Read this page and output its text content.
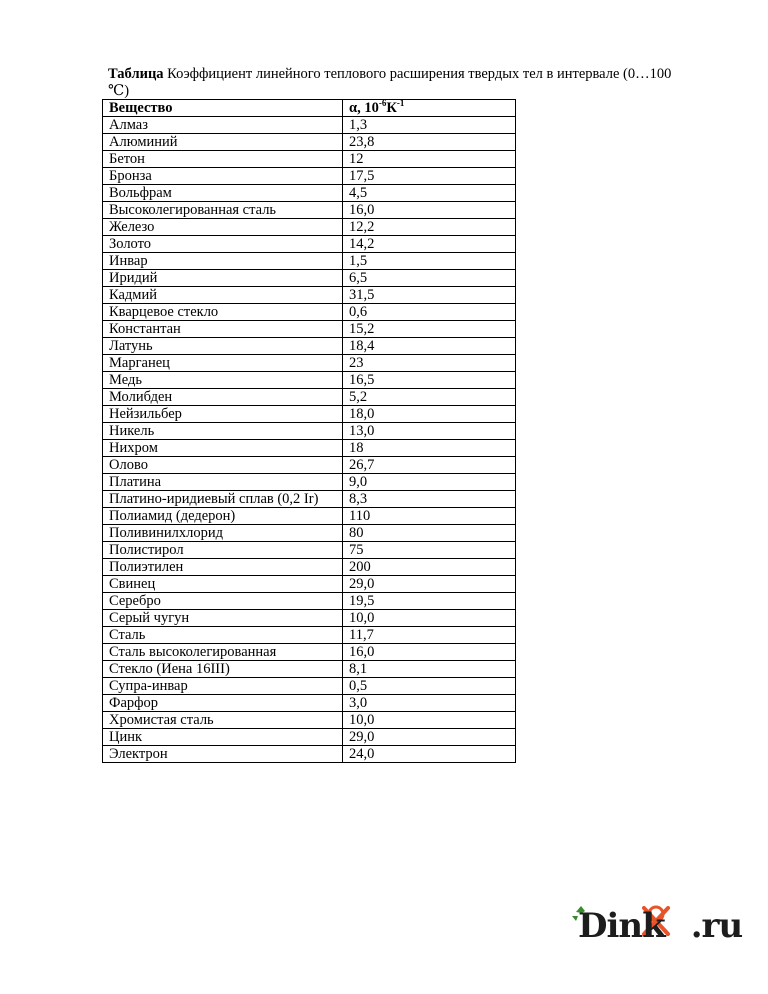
Таблица Коэффициент линейного теплового расширения твердых тел в интервале (0…100 ℃)
Вещество	α, $10^{-6}К^{-1}$
Алмаз	1,3
Алюминий	23,8
Бетон	12
Бронза	17,5
Вольфрам	4,5
Высоколегированная сталь	16,0
Железо	12,2
Золото	14,2
Инвар	1,5
Иридий	6,5
Кадмий	31,5
Кварцевое стекло	0,6
Константан	15,2
Латунь	18,4
Марганец	23
Медь	16,5
Молибден	5,2
Нейзильбер	18,0
Никель	13,0
Нихром	18
Олово	26,7
Платина	9,0
Платино-иридиевый сплав (0,2 Ir)	8,3
Полиамид (дедерон)	110
Поливинилхлорид	80
Полистирол	75
Полиэтилен	200
Свинец	29,0
Серебро	19,5
Серый чугун	10,0
Сталь	11,7
Сталь высоколегированная	16,0
Стекло (Иена 16III)	8,1
Супра-инвар	0,5
Фарфор	3,0
Хромистая сталь	10,0
Цинк	29,0
Электрон	24,0
Dink .ru
